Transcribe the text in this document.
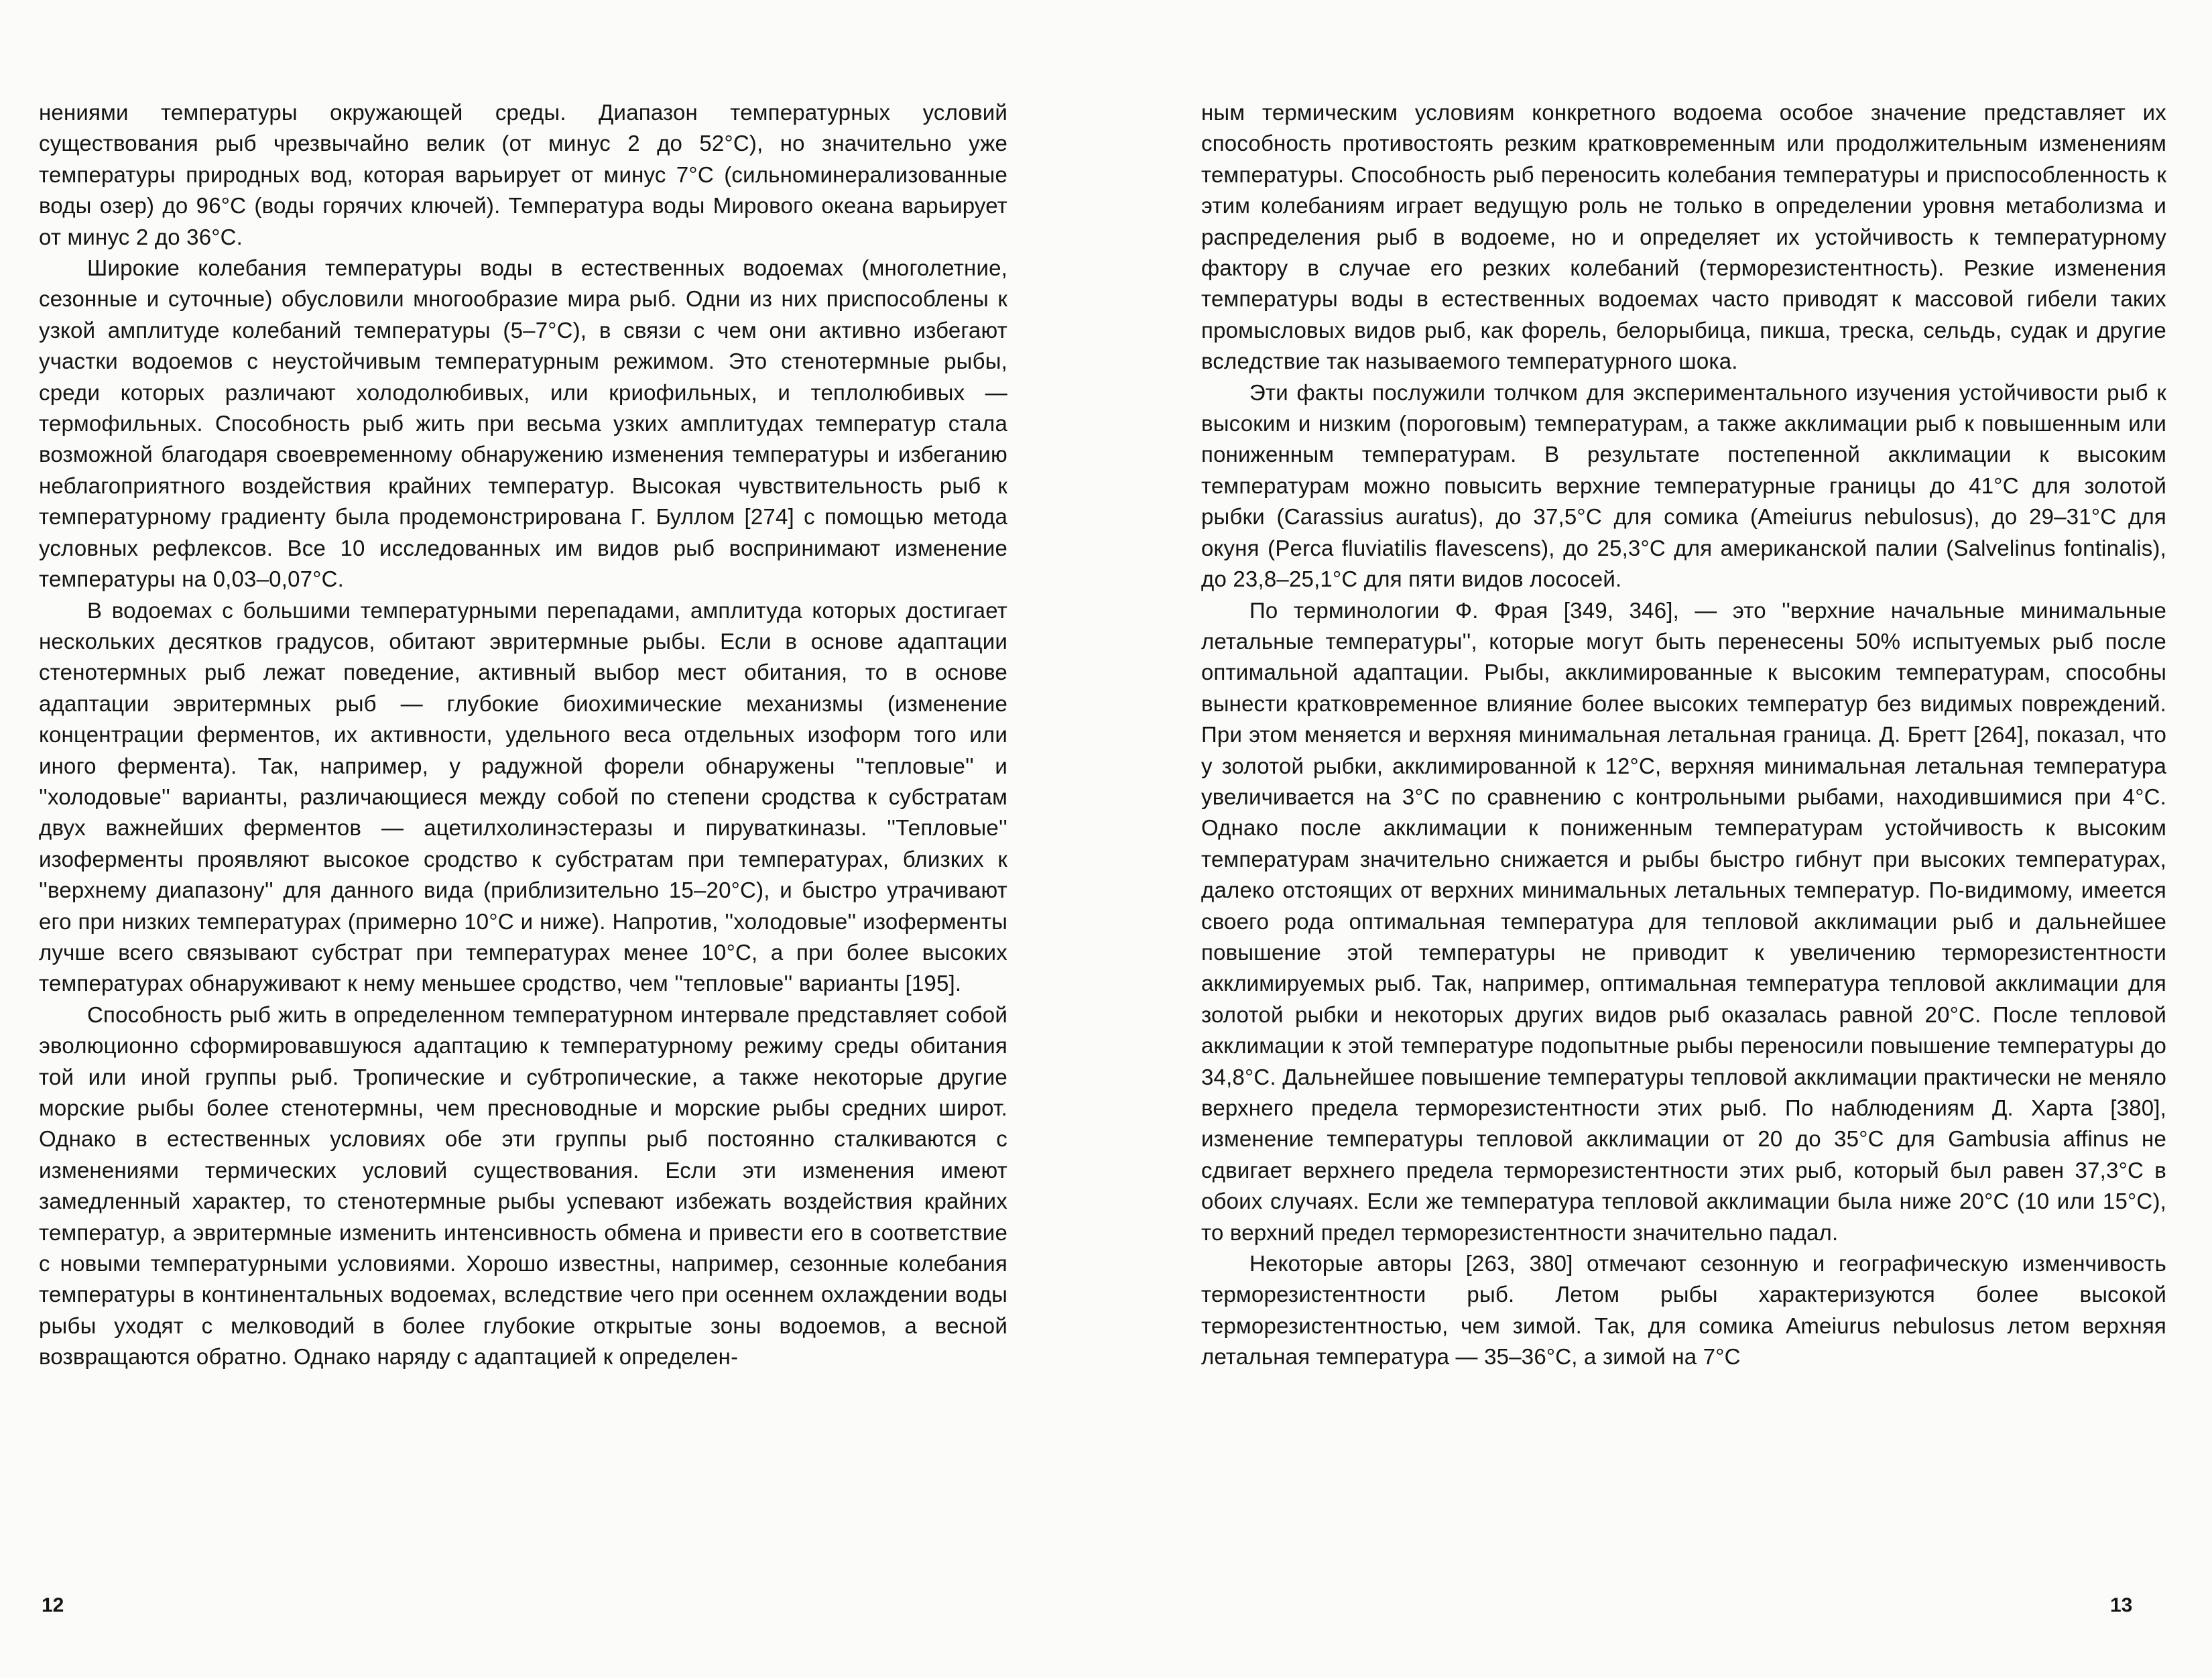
нениями температуры окружающей среды. Диапазон температурных условий существования рыб чрезвычайно велик (от минус 2 до 52°С), но значительно уже температуры природных вод, которая варьирует от минус 7°С (сильноминерализованные воды озер) до 96°С (воды горячих ключей). Температура воды Мирового океана варьирует от минус 2 до 36°С.

Широкие колебания температуры воды в естественных водоемах (многолетние, сезонные и суточные) обусловили многообразие мира рыб. Одни из них приспособлены к узкой амплитуде колебаний температуры (5–7°С), в связи с чем они активно избегают участки водоемов с неустойчивым температурным режимом. Это стенотермные рыбы, среди которых различают холодолюбивых, или криофильных, и теплолюбивых — термофильных. Способность рыб жить при весьма узких амплитудах температур стала возможной благодаря своевременному обнаружению изменения температуры и избеганию неблагоприятного воздействия крайних температур. Высокая чувствительность рыб к температурному градиенту была продемонстрирована Г. Буллом [274] с помощью метода условных рефлексов. Все 10 исследованных им видов рыб воспринимают изменение температуры на 0,03–0,07°С.

В водоемах с большими температурными перепадами, амплитуда которых достигает нескольких десятков градусов, обитают эвритермные рыбы. Если в основе адаптации стенотермных рыб лежат поведение, активный выбор мест обитания, то в основе адаптации эвритермных рыб — глубокие биохимические механизмы (изменение концентрации ферментов, их активности, удельного веса отдельных изоформ того или иного фермента). Так, например, у радужной форели обнаружены ''тепловые'' и ''холодовые'' варианты, различающиеся между собой по степени сродства к субстратам двух важнейших ферментов — ацетилхолинэстеразы и пируваткиназы. ''Тепловые'' изоферменты проявляют высокое сродство к субстратам при температурах, близких к ''верхнему диапазону'' для данного вида (приблизительно 15–20°С), и быстро утрачивают его при низких температурах (примерно 10°С и ниже). Напротив, ''холодовые'' изоферменты лучше всего связывают субстрат при температурах менее 10°С, а при более высоких температурах обнаруживают к нему меньшее сродство, чем ''тепловые'' варианты [195].

Способность рыб жить в определенном температурном интервале представляет собой эволюционно сформировавшуюся адаптацию к температурному режиму среды обитания той или иной группы рыб. Тропические и субтропические, а также некоторые другие морские рыбы более стенотермны, чем пресноводные и морские рыбы средних широт. Однако в естественных условиях обе эти группы рыб постоянно сталкиваются с изменениями термических условий существования. Если эти изменения имеют замедленный характер, то стенотермные рыбы успевают избежать воздействия крайних температур, а эвритермные изменить интенсивность обмена и привести его в соответствие с новыми температурными условиями. Хорошо известны, например, сезонные колебания температуры в континентальных водоемах, вследствие чего при осеннем охлаждении воды рыбы уходят с мелководий в более глубокие открытые зоны водоемов, а весной возвращаются обратно. Однако наряду с адаптацией к определен-

12

ным термическим условиям конкретного водоема особое значение представляет их способность противостоять резким кратковременным или продолжительным изменениям температуры. Способность рыб переносить колебания температуры и приспособленность к этим колебаниям играет ведущую роль не только в определении уровня метаболизма и распределения рыб в водоеме, но и определяет их устойчивость к температурному фактору в случае его резких колебаний (терморезистентность). Резкие изменения температуры воды в естественных водоемах часто приводят к массовой гибели таких промысловых видов рыб, как форель, белорыбица, пикша, треска, сельдь, судак и другие вследствие так называемого температурного шока.

Эти факты послужили толчком для экспериментального изучения устойчивости рыб к высоким и низким (пороговым) температурам, а также акклимации рыб к повышенным или пониженным температурам. В результате постепенной акклимации к высоким температурам можно повысить верхние температурные границы до 41°С для золотой рыбки (Carassius auratus), до 37,5°С для сомика (Ameiurus nebulosus), до 29–31°С для окуня (Perca fluviatilis flavescens), до 25,3°С для американской палии (Salvelinus fontinalis), до 23,8–25,1°С для пяти видов лососей.

По терминологии Ф. Фрая [349, 346], — это ''верхние начальные минимальные летальные температуры'', которые могут быть перенесены 50% испытуемых рыб после оптимальной адаптации. Рыбы, акклимированные к высоким температурам, способны вынести кратковременное влияние более высоких температур без видимых повреждений. При этом меняется и верхняя минимальная летальная граница. Д. Бретт [264], показал, что у золотой рыбки, акклимированной к 12°С, верхняя минимальная летальная температура увеличивается на 3°С по сравнению с контрольными рыбами, находившимися при 4°С. Однако после акклимации к пониженным температурам устойчивость к высоким температурам значительно снижается и рыбы быстро гибнут при высоких температурах, далеко отстоящих от верхних минимальных летальных температур. По-видимому, имеется своего рода оптимальная температура для тепловой акклимации рыб и дальнейшее повышение этой температуры не приводит к увеличению терморезистентности акклимируемых рыб. Так, например, оптимальная температура тепловой акклимации для золотой рыбки и некоторых других видов рыб оказалась равной 20°С. После тепловой акклимации к этой температуре подопытные рыбы переносили повышение температуры до 34,8°С. Дальнейшее повышение температуры тепловой акклимации практически не меняло верхнего предела терморезистентности этих рыб. По наблюдениям Д. Харта [380], изменение температуры тепловой акклимации от 20 до 35°С для Gambusia affinus не сдвигает верхнего предела терморезистентности этих рыб, который был равен 37,3°С в обоих случаях. Если же температура тепловой акклимации была ниже 20°С (10 или 15°С), то верхний предел терморезистентности значительно падал.

Некоторые авторы [263, 380] отмечают сезонную и географическую изменчивость терморезистентности рыб. Летом рыбы характеризуются более высокой терморезистентностью, чем зимой. Так, для сомика Ameiurus nebulosus летом верхняя летальная температура — 35–36°С, а зимой на 7°С

13
